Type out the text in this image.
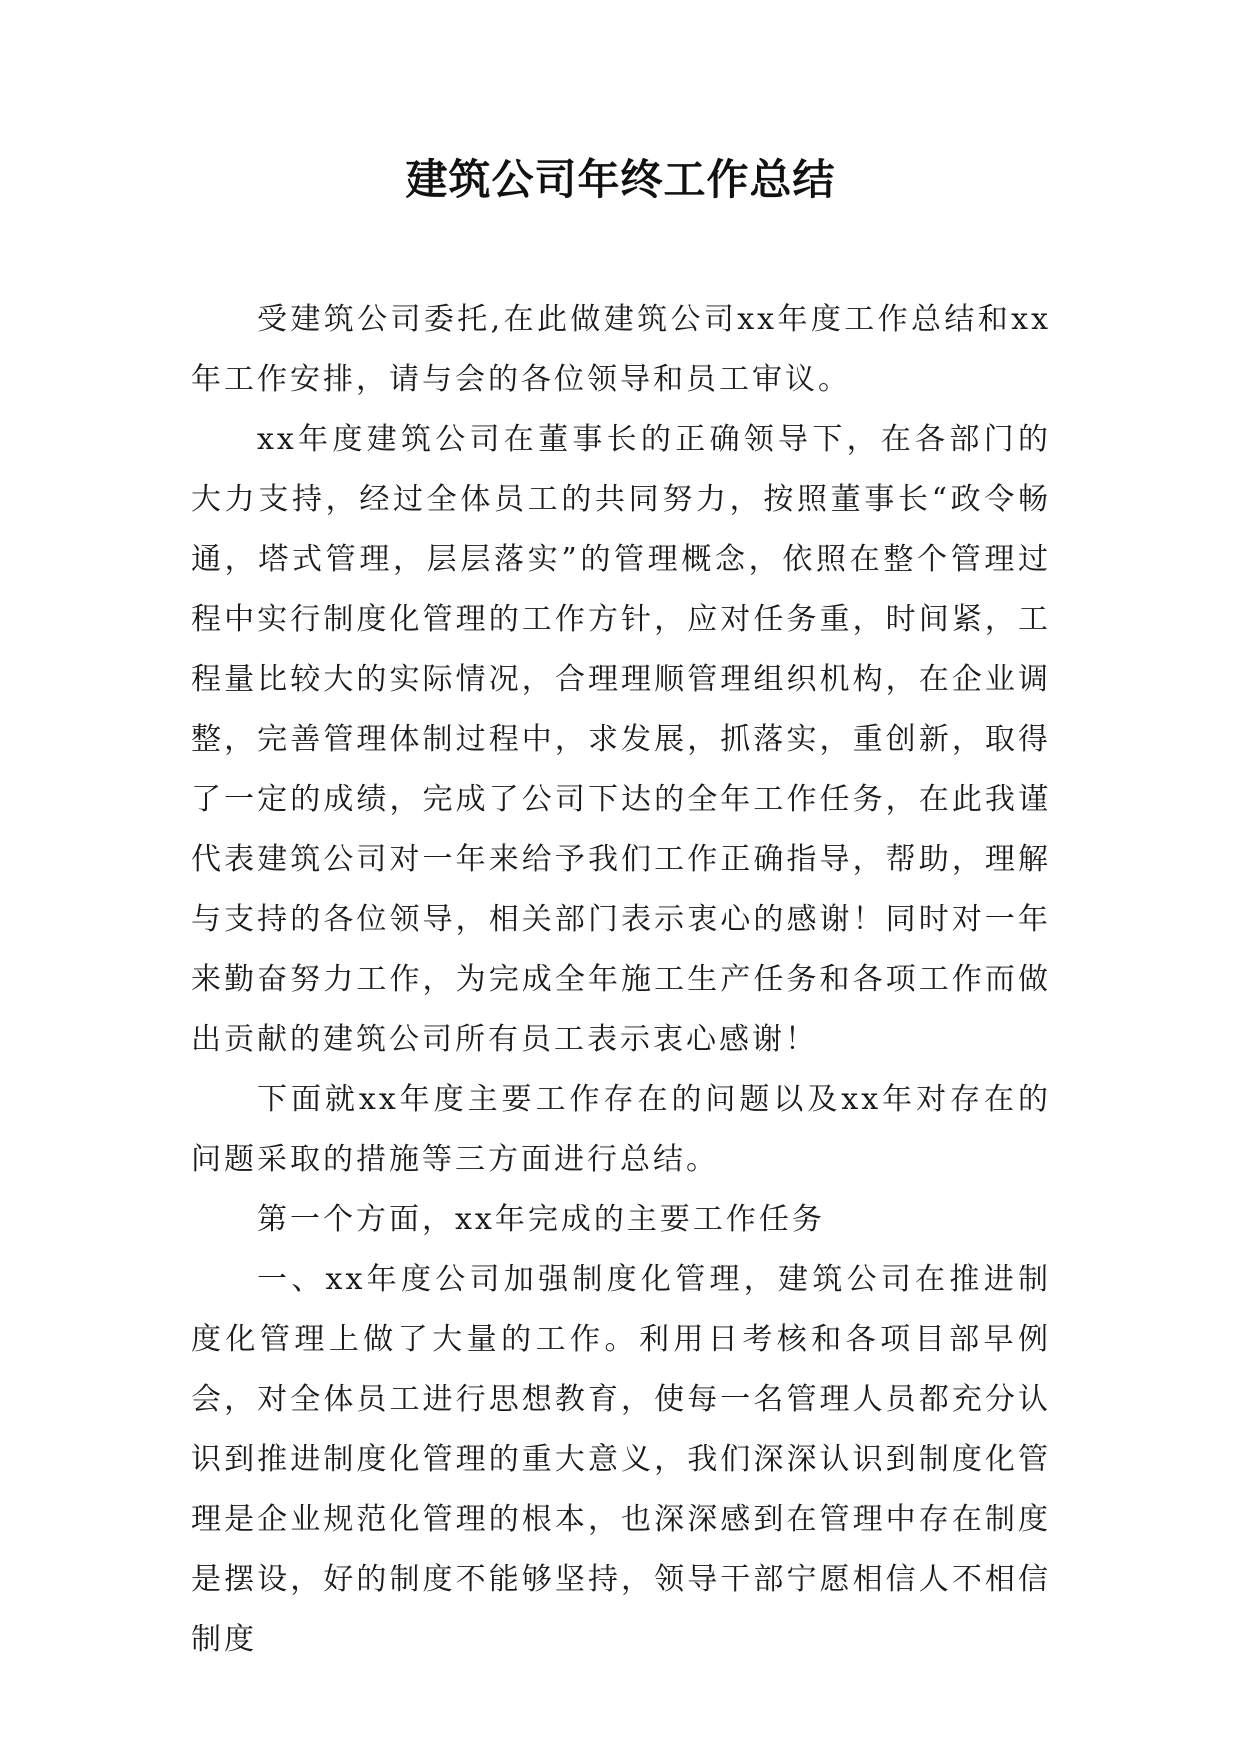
建筑公司年终工作总结

受建筑公司委托,在此做建筑公司xx年度工作总结和xx年工作安排，请与会的各位领导和员工审议。

xx年度建筑公司在董事长的正确领导下，在各部门的大力支持，经过全体员工的共同努力，按照董事长“政令畅通，塔式管理，层层落实”的管理概念，依照在整个管理过程中实行制度化管理的工作方针，应对任务重，时间紧，工程量比较大的实际情况，合理理顺管理组织机构，在企业调整，完善管理体制过程中，求发展，抓落实，重创新，取得了一定的成绩，完成了公司下达的全年工作任务，在此我谨代表建筑公司对一年来给予我们工作正确指导，帮助，理解与支持的各位领导，相关部门表示衷心的感谢！同时对一年来勤奋努力工作，为完成全年施工生产任务和各项工作而做出贡献的建筑公司所有员工表示衷心感谢！

下面就xx年度主要工作存在的问题以及xx年对存在的问题采取的措施等三方面进行总结。

第一个方面，xx年完成的主要工作任务

一、xx年度公司加强制度化管理，建筑公司在推进制度化管理上做了大量的工作。利用日考核和各项目部早例会，对全体员工进行思想教育，使每一名管理人员都充分认识到推进制度化管理的重大意义，我们深深认识到制度化管理是企业规范化管理的根本，也深深感到在管理中存在制度是摆设，好的制度不能够坚持，领导干部宁愿相信人不相信制度
